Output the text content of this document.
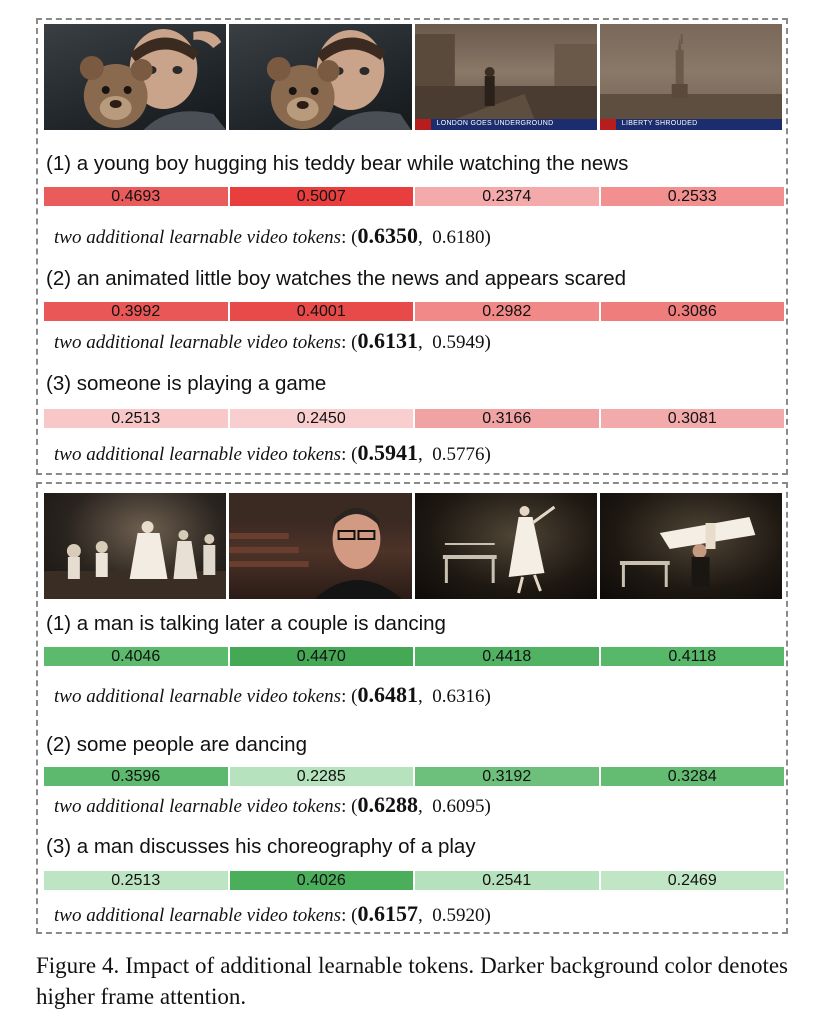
LONDON GOES UNDERGROUND	LIBERTY SHROUDED
(1) a young boy hugging his teddy bear while watching the news
0.4693	0.5007	0.2374	0.2533
two additional learnable video tokens: (0.6350,  0.6180)
(2) an animated little boy watches the news and appears scared
0.3992	0.4001	0.2982	0.3086
two additional learnable video tokens: (0.6131,  0.5949)
(3) someone is playing a game
0.2513	0.2450	0.3166	0.3081
two additional learnable video tokens: (0.5941,  0.5776)
(1) a man is talking later a couple is dancing
0.4046	0.4470	0.4418	0.4118
two additional learnable video tokens: (0.6481,  0.6316)
(2) some people are dancing
0.3596	0.2285	0.3192	0.3284
two additional learnable video tokens: (0.6288,  0.6095)
(3) a man discusses his choreography of a play
0.2513	0.4026	0.2541	0.2469
two additional learnable video tokens: (0.6157,  0.5920)
Figure 4. Impact of additional learnable tokens. Darker background color denotes higher frame attention.
